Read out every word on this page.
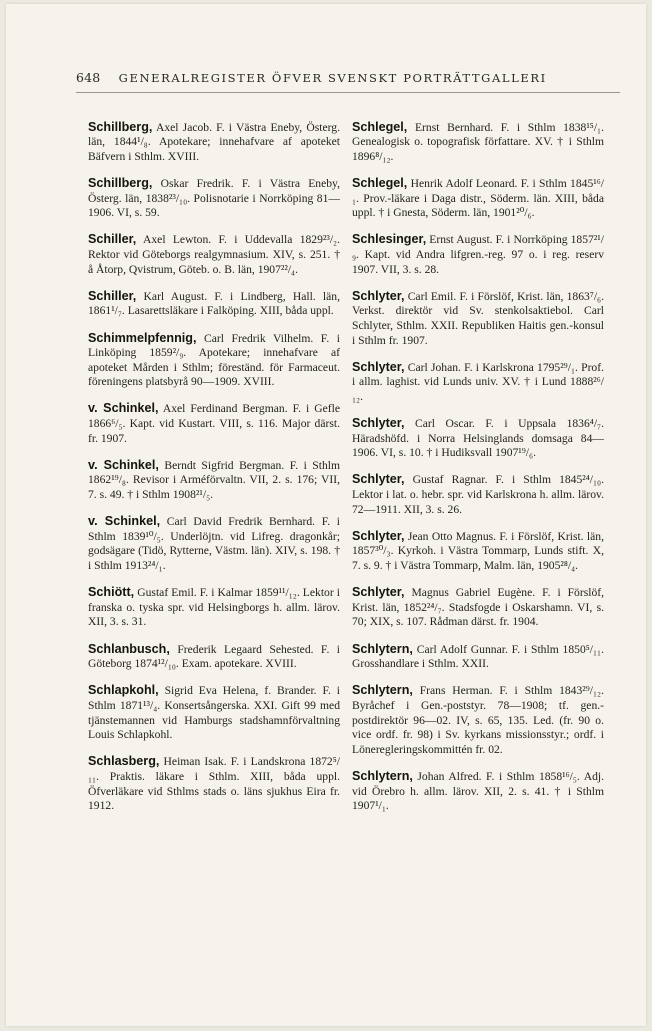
648 GENERALREGISTER ÖFVER SVENSKT PORTRÄTTGALLERI

Schillberg, Axel Jacob. F. i Västra Eneby, Österg. län, 1844¹/₈. Apotekare; innehafvare af apoteket Bäfvern i Sthlm. XVIII.

Schillberg, Oskar Fredrik. F. i Västra Eneby, Österg. län, 1838²³/₁₀. Polisnotarie i Norrköping 81—1906. VI, s. 59.

Schiller, Axel Lewton. F. i Uddevalla 1829²³/₂. Rektor vid Göteborgs realgymnasium. XIV, s. 251. † å Åtorp, Qvistrum, Göteb. o. B. län, 1907²²/₄.

Schiller, Karl August. F. i Lindberg, Hall. län, 1861¹/₇. Lasarettsläkare i Falköping. XIII, båda uppl.

Schimmelpfennig, Carl Fredrik Vilhelm. F. i Linköping 1859²/₉. Apotekare; innehafvare af apoteket Mården i Sthlm; föreständ. för Farmaceut. föreningens platsbyrå 90—1909. XVIII.

v. Schinkel, Axel Ferdinand Bergman. F. i Gefle 1866⁶/₅. Kapt. vid Kustart. VIII, s. 116. Major därst. fr. 1907.

v. Schinkel, Berndt Sigfrid Bergman. F. i Sthlm 1862¹⁹/₈. Revisor i Arméförvaltn. VII, 2. s. 176; VII, 7. s. 49. † i Sthlm 1908²¹/₅.

v. Schinkel, Carl David Fredrik Bernhard. F. i Sthlm 1839¹⁰/₅. Underlöjtn. vid Lifreg. dragonkår; godsägare (Tidö, Rytterne, Västm. län). XIV, s. 198. † i Sthlm 1913²⁴/₁.

Schiött, Gustaf Emil. F. i Kalmar 1859¹¹/₁₂. Lektor i franska o. tyska spr. vid Helsingborgs h. allm. lärov. XII, 3. s. 31.

Schlanbusch, Frederik Legaard Sehested. F. i Göteborg 1874¹²/₁₀. Exam. apotekare. XVIII.

Schlapkohl, Sigrid Eva Helena, f. Brander. F. i Sthlm 1871¹³/₄. Konsertsångerska. XXI. Gift 99 med tjänstemannen vid Hamburgs stadshamnförvaltning Louis Schlapkohl.

Schlasberg, Heiman Isak. F. i Landskrona 1872⁵/₁₁. Praktis. läkare i Sthlm. XIII, båda uppl. Öfverläkare vid Sthlms stads o. läns sjukhus Eira fr. 1912.

Schlegel, Ernst Bernhard. F. i Sthlm 1838¹⁵/₁. Genealogisk o. topografisk författare. XV. † i Sthlm 1896⁸/₁₂.

Schlegel, Henrik Adolf Leonard. F. i Sthlm 1845¹⁶/₁. Prov.-läkare i Daga distr., Söderm. län. XIII, båda uppl. † i Gnesta, Söderm. län, 1901²⁰/₆.

Schlesinger, Ernst August. F. i Norrköping 1857²¹/₉. Kapt. vid Andra lifgren.-reg. 97 o. i reg. reserv 1907. VII, 3. s. 28.

Schlyter, Carl Emil. F. i Förslöf, Krist. län, 1863⁷/₆. Verkst. direktör vid Sv. stenkolsaktiebol. Carl Schlyter, Sthlm. XXII. Republiken Haitis gen.-konsul i Sthlm fr. 1907.

Schlyter, Carl Johan. F. i Karlskrona 1795²⁹/₁. Prof. i allm. laghist. vid Lunds univ. XV. † i Lund 1888²⁶/₁₂.

Schlyter, Carl Oscar. F. i Uppsala 1836⁴/₇. Häradshöfd. i Norra Helsinglands domsaga 84—1906. VI, s. 10. † i Hudiksvall 1907¹⁹/₆.

Schlyter, Gustaf Ragnar. F. i Sthlm 1845²⁴/₁₀. Lektor i lat. o. hebr. spr. vid Karlskrona h. allm. lärov. 72—1911. XII, 3. s. 26.

Schlyter, Jean Otto Magnus. F. i Förslöf, Krist. län, 1857³⁰/₃. Kyrkoh. i Västra Tommarp, Lunds stift. X, 7. s. 9. † i Västra Tommarp, Malm. län, 1905²⁸/₄.

Schlyter, Magnus Gabriel Eugène. F. i Förslöf, Krist. län, 1852²⁴/₇. Stadsfogde i Oskarshamn. VI, s. 70; XIX, s. 107. Rådman därst. fr. 1904.

Schlytern, Carl Adolf Gunnar. F. i Sthlm 1850⁵/₁₁. Grosshandlare i Sthlm. XXII.

Schlytern, Frans Herman. F. i Sthlm 1843²⁹/₁₂. Byråchef i Gen.-poststyr. 78—1908; tf. gen.-postdirektör 96—02. IV, s. 65, 135. Led. (fr. 90 o. vice ordf. fr. 98) i Sv. kyrkans missionsstyr.; ordf. i Löneregleringskommittén fr. 02.

Schlytern, Johan Alfred. F. i Sthlm 1858¹⁶/₅. Adj. vid Örebro h. allm. lärov. XII, 2. s. 41. † i Sthlm 1907¹/₁.
